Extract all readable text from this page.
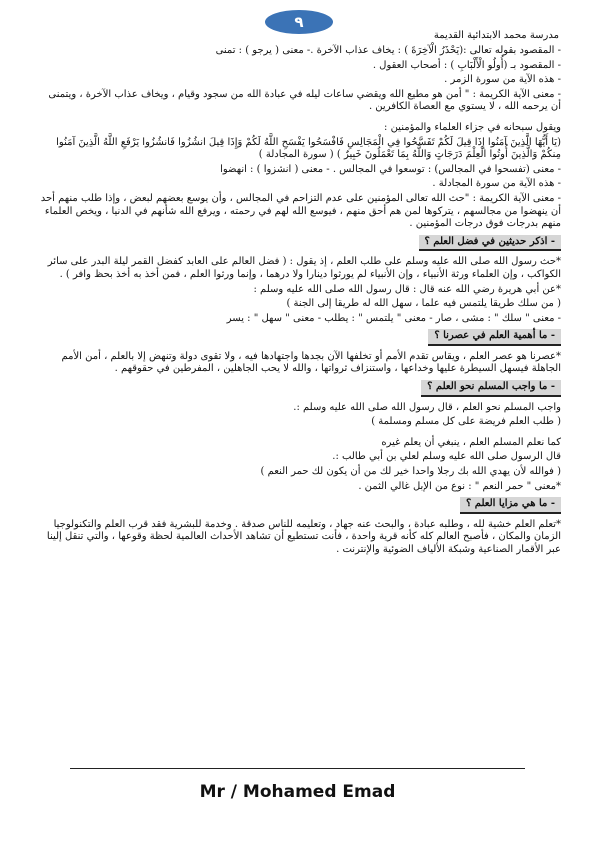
٩
مدرسة محمد الابتدائية القديمة

- المقصود بقوله تعالى :(يَحْذَرُ الْآخِرَةَ ) : يخاف عذاب الآخرة .- معنى ( يرجو ) : تمنى

- المقصود بـ (أُولُو الْأَلْبَابِ ) : أصحاب العقول .

- هذه الآية من سورة الزمر .

- معنى الآية الكريمة : " أمن هو مطيع الله ويقضي ساعات ليله في عبادة الله من سجود وقيام ، ويخاف عذاب الآخرة ، ويتمنى أن يرحمه الله ، لا يستوي مع العصاة الكافرين .

ويقول سبحانه في جزاء العلماء والمؤمنين :

(يَا أَيُّهَا الَّذِينَ آمَنُوا إِذَا قِيلَ لَكُمْ تَفَسَّحُوا فِي الْمَجَالِسِ فَافْسَحُوا يَفْسَحِ اللَّهُ لَكُمْ وَإِذَا قِيلَ انشُزُوا فَانشُزُوا يَرْفَعِ اللَّهُ الَّذِينَ آمَنُوا مِنكُمْ وَالَّذِينَ أُوتُوا الْعِلْمَ دَرَجَاتٍ وَاللَّهُ بِمَا تَعْمَلُونَ خَبِيرٌ ) ( سورة المجادلة )

- معنى (تفسحوا في المجالس) : توسعوا في المجالس . - معنى ( انشزوا ) : انهضوا

- هذه الآية من سورة المجادلة .

- معنى الآية الكريمة : "حث الله تعالى المؤمنين على عدم التزاحم في المجالس ، وأن يوسع بعضهم لبعض ، وإذا طلب منهم أحد أن ينهضوا من مجالسهم ، يتركوها لمن هم أحق منهم ، فيوسع الله لهم في رحمته ، ويرفع الله شأنهم في الدنيا ، ويخص العلماء منهم بدرجات فوق درجات المؤمنين .

- اذكر حديثين في فضل العلم ؟

*حث رسول الله صلى الله عليه وسلم على طلب العلم ، إذ يقول : ( فضل العالم على العابد كفضل القمر ليلة البدر على سائر الكواكب ، وإن العلماء ورثة الأنبياء ، وإن الأنبياء لم يورثوا دينارا ولا درهما ، وإنما ورثوا العلم ، فمن أخذ به أخذ بحظ وافر ) .

*عن أبي هريرة رضي الله عنه قال : قال رسول الله صلى الله عليه وسلم :

( من سلك طريقا يلتمس فيه علما ، سهل الله له طريقا إلى الجنة )

- معنى " سلك " : مشى ، صار - معنى " يلتمس " : يطلب - معنى " سهل " : يسر

- ما أهمية العلم في عصرنا ؟

*عصرنا هو عصر العلم ، ويقاس تقدم الأمم أو تخلفها الآن بجدها واجتهادها فيه ، ولا تقوى دولة وتنهض إلا بالعلم ، أمن الأمم الجاهلة فيسهل السيطرة عليها وخداعها ، واستنزاف ثرواتها ، والله لا يحب الجاهلين ، المفرطين في حقوقهم .

- ما واجب المسلم نحو العلم ؟

واجب المسلم نحو العلم ، قال رسول الله صلى الله عليه وسلم :.

( طلب العلم فريضة على كل مسلم ومسلمة )

كما نعلم المسلم العلم ، ينبغي أن يعلم غيره

قال الرسول صلى الله عليه وسلم لعلي بن أبي طالب :.

( فوالله لأن يهدي الله بك رجلا واحدا خير لك من أن يكون لك حمر النعم )

*معنى " حمر النعم " : نوع من الإبل غالي الثمن .

- ما هي مزايا العلم ؟

*تعلم العلم خشية لله ، وطلبه عبادة ، والبحث عنه جهاد ، وتعليمه للناس صدقة . وخدمة للبشرية فقد قرب العلم والتكنولوجيا الزمان والمكان ، فأصبح العالم كله كأنه قرية واحدة ، فأنت تستطيع أن تشاهد الأحداث العالمية لحظة وقوعها ، والتي تنقل إلينا عبر الأقمار الصناعية وشبكة الألياف الضوئية والإنترنت .

Mr / Mohamed Emad
